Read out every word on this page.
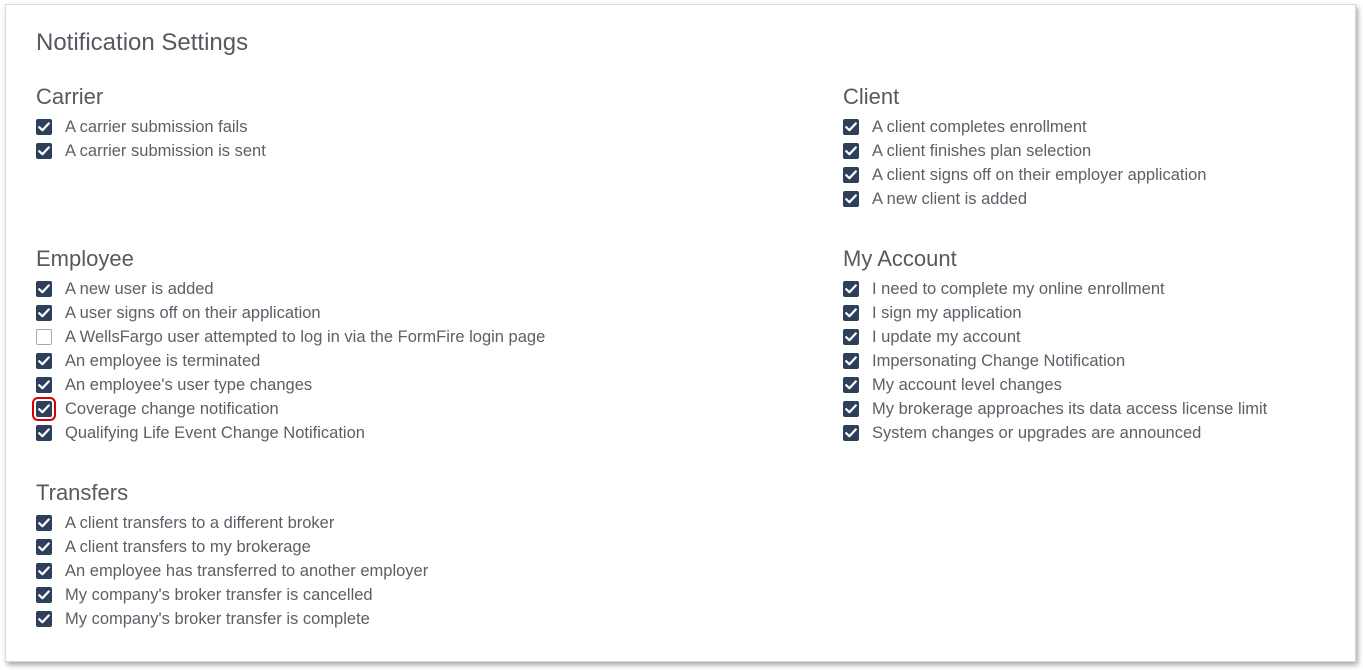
Notification Settings
Carrier
A carrier submission fails
A carrier submission is sent
Client
A client completes enrollment
A client finishes plan selection
A client signs off on their employer application
A new client is added
Employee
A new user is added
A user signs off on their application
A WellsFargo user attempted to log in via the FormFire login page
An employee is terminated
An employee's user type changes
Coverage change notification
Qualifying Life Event Change Notification
My Account
I need to complete my online enrollment
I sign my application
I update my account
Impersonating Change Notification
My account level changes
My brokerage approaches its data access license limit
System changes or upgrades are announced
Transfers
A client transfers to a different broker
A client transfers to my brokerage
An employee has transferred to another employer
My company's broker transfer is cancelled
My company's broker transfer is complete
